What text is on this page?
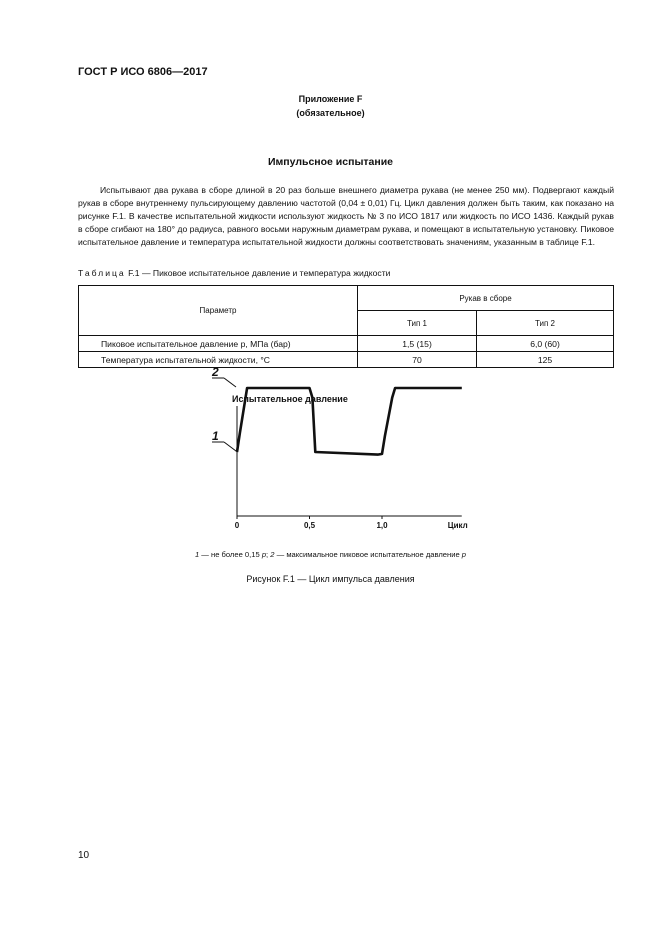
ГОСТ Р ИСО 6806—2017
Приложение F
(обязательное)
Импульсное испытание
Испытывают два рукава в сборе длиной в 20 раз больше внешнего диаметра рукава (не менее 250 мм). Подвергают каждый рукав в сборе внутреннему пульсирующему давлению частотой (0,04 ± 0,01) Гц. Цикл давления должен быть таким, как показано на рисунке F.1. В качестве испытательной жидкости используют жидкость № 3 по ИСО 1817 или жидкость по ИСО 1436. Каждый рукав в сборе сгибают на 180° до радиуса, равного восьми наружным диаметрам рукава, и помещают в испытательную установку. Пиковое испытательное давление и температура испытательной жидкости должны соответствовать значениям, указанным в таблице F.1.
Таблица F.1 — Пиковое испытательное давление и температура жидкости
Параметр	Рукав в сборе	
	Тип 1	Тип 2
Пиковое испытательное давление p, МПа (бар)	1,5 (15)	6,0 (60)
Температура испытательной жидкости, °С	70	125
Испытательное давление
0	0,5	1,0	Цикл
1
2
1 — не более 0,15 p; 2 — максимальное пиковое испытательное давление p
Рисунок F.1 — Цикл импульса давления
10
